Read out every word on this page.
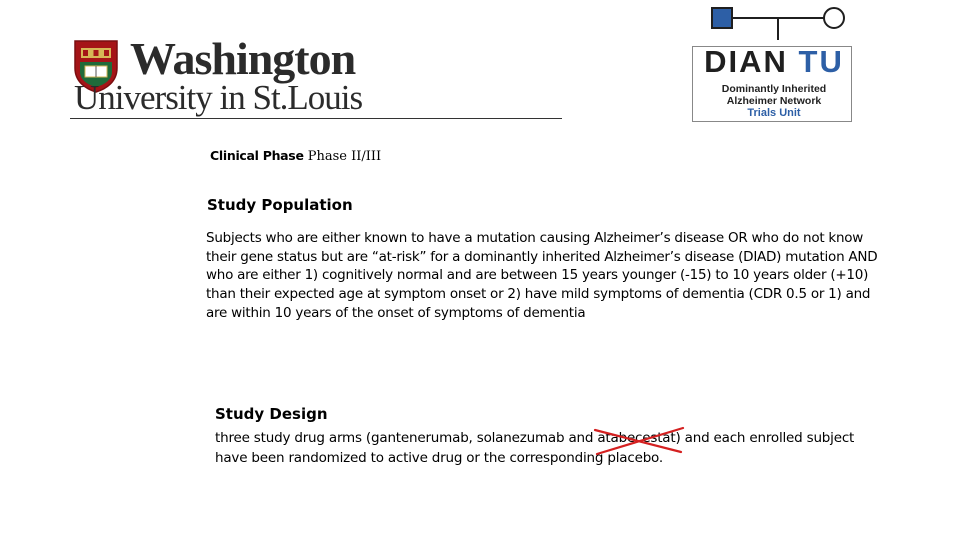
Washington
University in St.Louis
DIAN TU
Dominantly Inherited
Alzheimer Network
Trials Unit
Clinical Phase Phase II/III
Study Population
Subjects who are either known to have a mutation causing Alzheimer’s disease OR who do not know their gene status but are “at-risk” for a dominantly inherited Alzheimer’s disease (DIAD) mutation AND who are either 1) cognitively normal and are between 15 years younger (-15) to 10 years older (+10) than their expected age at symptom onset or 2) have mild symptoms of dementia (CDR 0.5 or 1) and are within 10 years of the onset of symptoms of dementia
Study Design
three study drug arms (gantenerumab, solanezumab and atabecestat
) and each enrolled subject have been randomized to active drug or the corresponding placebo.
